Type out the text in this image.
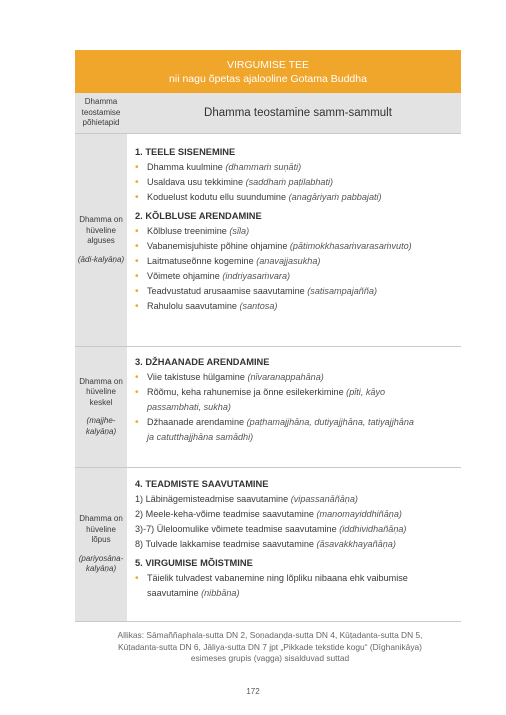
VIRGUMISE TEE
nii nagu õpetas ajalooline Gotama Buddha
Dhamma teostamise põhietapid
Dhamma teostamine samm-sammult
Dhamma on hüveline alguses
(ādi-kalyāṇa)
1. TEELE SISENEMINE
• Dhamma kuulmine (dhammaṁ suṇāti)
• Usaldava usu tekkimine (saddhaṁ paṭilabhati)
• Koduelust kodutu ellu suundumine (anagāriyaṁ pabbajati)
2. KÕLBLUSE ARENDAMINE
• Kõlbluse treenimine (sīla)
• Vabanemisjuhiste põhine ohjamine (pātimokkhasaṁvarasaṁvuto)
• Laitmatuseõnne kogemine (anavajjasukha)
• Võimete ohjamine (indriyasaṁvara)
• Teadvustatud arusaamise saavutamine (satisampajañña)
• Rahulolu saavutamine (santosa)
Dhamma on hüveline keskel
(majjhe-kalyāṇa)
3. DŽHAANADE ARENDAMINE
• Viie takistuse hülgamine (nīvaranappahāna)
• Rõõmu, keha rahunemise ja õnne esilekerkimine (pīti, kāyo
passambhati, sukha)
• Džhaanade arendamine (paṭhamajjhāna, dutiyajjhāna, tatiyajjhāna
ja catutthajjhāna samādhi)
Dhamma on hüveline lõpus
(pariyosāna-kalyāṇa)
4. TEADMISTE SAAVUTAMINE
1) Läbinägemisteadmise saavutamine (vipassanāñāṇa)
2) Meele-keha-võime teadmise saavutamine (manomayiddhiñāṇa)
3)-7) Üleloomulike võimete teadmise saavutamine (iddhividhañāṇa)
8) Tulvade lakkamise teadmise saavutamine (āsavakkhayañāṇa)
5. VIRGUMISE MÕISTMINE
• Täielik tulvadest vabanemine ning lõpliku nibaana ehk vaibumise
saavutamine (nibbāna)
Allikas: Sāmaññaphala-sutta DN 2, Soṇadaṇḍa-sutta DN 4, Kūṭadanta-sutta DN 5,
Kūṭadanta-sutta DN 6, Jāliya-sutta DN 7 jpt „Pikkade tekstide kogu“ (Dīghanikāya)
esimeses grupis (vagga) sisalduvad suttad
172
